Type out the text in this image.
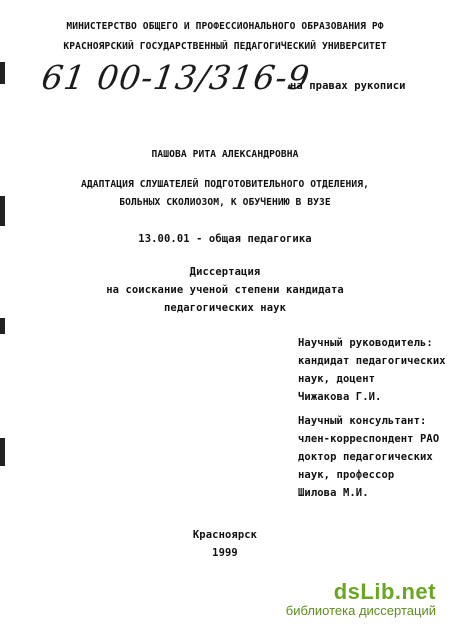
МИНИСТЕРСТВО ОБЩЕГО И ПРОФЕССИОНАЛЬНОГО ОБРАЗОВАНИЯ РФ
КРАСНОЯРСКИЙ ГОСУДАРСТВЕННЫЙ ПЕДАГОГИЧЕСКИЙ УНИВЕРСИТЕТ
61 00-13/316-9
на правах рукописи
ПАШОВА РИТА АЛЕКСАНДРОВНА
АДАПТАЦИЯ СЛУШАТЕЛЕЙ ПОДГОТОВИТЕЛЬНОГО ОТДЕЛЕНИЯ,
БОЛЬНЫХ СКОЛИОЗОМ, К ОБУЧЕНИЮ В ВУЗЕ
13.00.01 - общая педагогика
Диссертация
на соискание ученой степени кандидата
педагогических наук
Научный руководитель:
кандидат педагогических
наук, доцент
Чижакова Г.И.
Научный консультант:
член-корреспондент РАО
доктор педагогических
наук, профессор
Шилова М.И.
Красноярск
1999
dsLib.net
библиотека диссертаций
